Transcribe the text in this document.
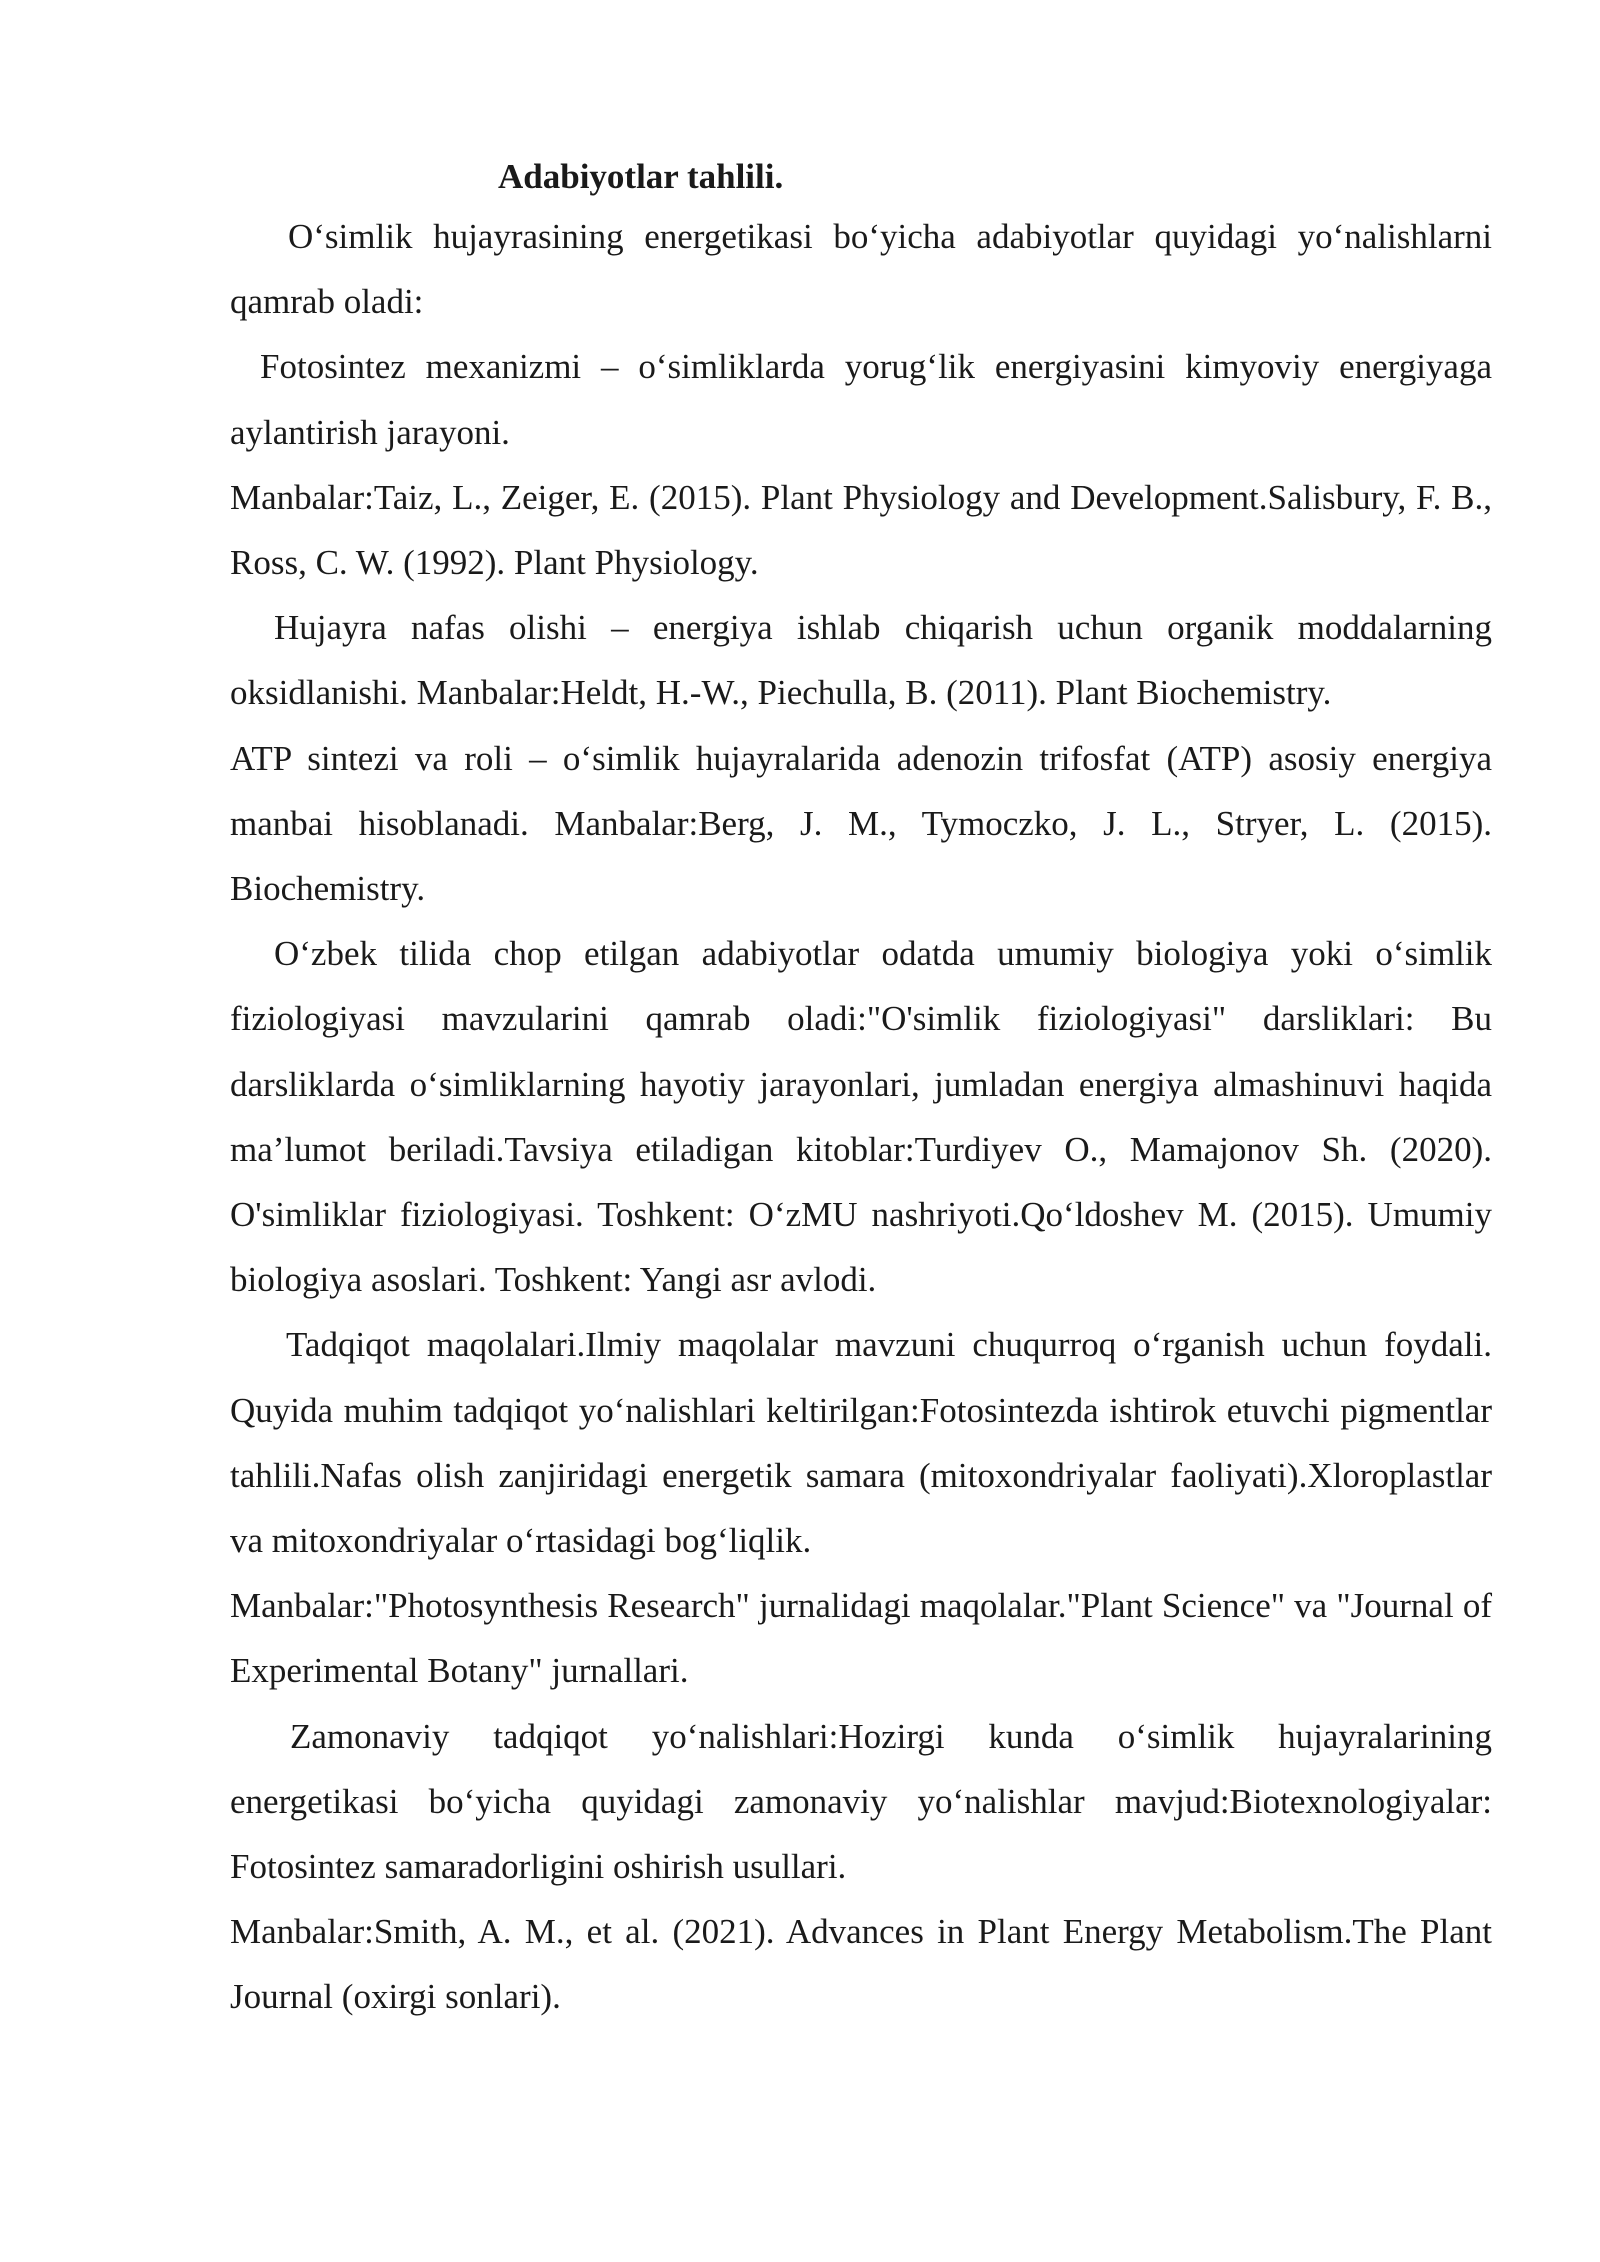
Adabiyotlar tahlili.

O‘simlik hujayrasining energetikasi bo‘yicha adabiyotlar quyidagi yo‘nalishlarni qamrab oladi:

Fotosintez mexanizmi – o‘simliklarda yorug‘lik energiyasini kimyoviy energiyaga aylantirish jarayoni.

Manbalar:Taiz, L., Zeiger, E. (2015). Plant Physiology and Development.Salisbury, F. B., Ross, C. W. (1992). Plant Physiology.

Hujayra nafas olishi – energiya ishlab chiqarish uchun organik moddalarning oksidlanishi. Manbalar:Heldt, H.-W., Piechulla, B. (2011). Plant Biochemistry.

ATP sintezi va roli – o‘simlik hujayralarida adenozin trifosfat (ATP) asosiy energiya manbai hisoblanadi. Manbalar:Berg, J. M., Tymoczko, J. L., Stryer, L. (2015). Biochemistry.

O‘zbek tilida chop etilgan adabiyotlar odatda umumiy biologiya yoki o‘simlik fiziologiyasi mavzularini qamrab oladi:"O'simlik fiziologiyasi" darsliklari: Bu darsliklarda o‘simliklarning hayotiy jarayonlari, jumladan energiya almashinuvi haqida ma’lumot beriladi.Tavsiya etiladigan kitoblar:Turdiyev O., Mamajonov Sh. (2020). O'simliklar fiziologiyasi. Toshkent: O‘zMU nashriyoti.Qo‘ldoshev M. (2015). Umumiy biologiya asoslari. Toshkent: Yangi asr avlodi.

Tadqiqot maqolalari.Ilmiy maqolalar mavzuni chuqurroq o‘rganish uchun foydali. Quyida muhim tadqiqot yo‘nalishlari keltirilgan:Fotosintezda ishtirok etuvchi pigmentlar tahlili.Nafas olish zanjiridagi energetik samara (mitoxondriyalar faoliyati).Xloroplastlar va mitoxondriyalar o‘rtasidagi bog‘liqlik.

Manbalar:"Photosynthesis Research" jurnalidagi maqolalar."Plant Science" va "Journal of Experimental Botany" jurnallari.

Zamonaviy tadqiqot yo‘nalishlari:Hozirgi kunda o‘simlik hujayralarining energetikasi bo‘yicha quyidagi zamonaviy yo‘nalishlar mavjud:Biotexnologiyalar: Fotosintez samaradorligini oshirish usullari.

Manbalar:Smith, A. M., et al. (2021). Advances in Plant Energy Metabolism.The Plant Journal (oxirgi sonlari).
